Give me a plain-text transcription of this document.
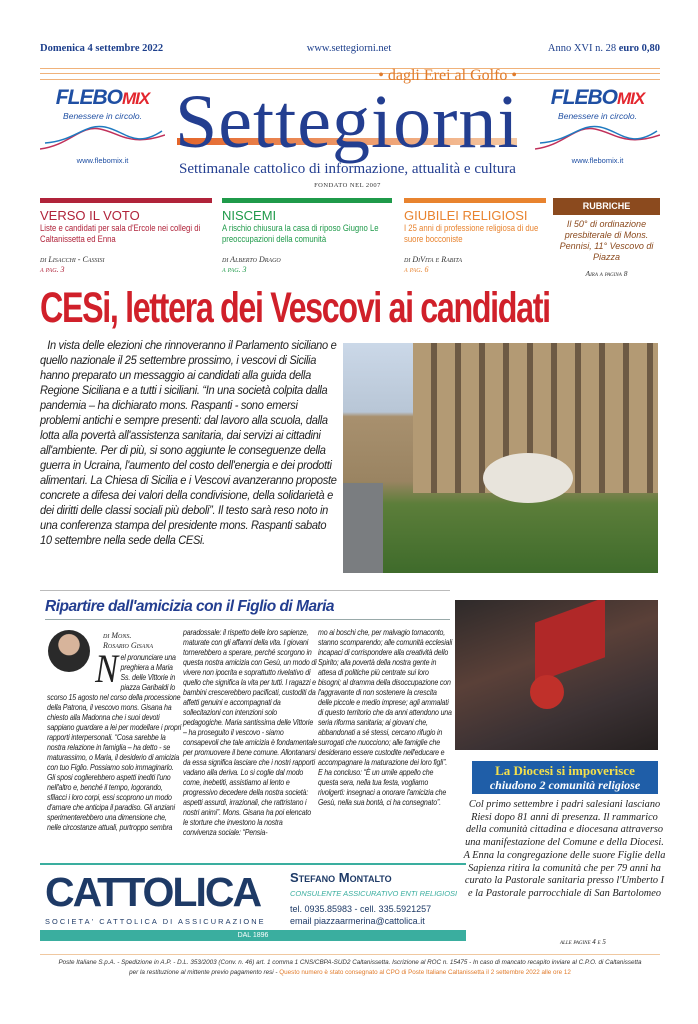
Domenica 4 settembre 2022	www.settegiorni.net	Anno XVI n. 28 euro 0,80
FLEBOMIX
Benessere in circolo.
www.flebomix.it
FLEBOMIX
Benessere in circolo.
www.flebomix.it
Settegiorni
• dagli Erei al Golfo •
Settimanale cattolico di informazione, attualità e cultura
FONDATO NEL 2007
VERSO IL VOTO

Liste e candidati per sala d'Ercole nei collegi di Caltanissetta ed Enna

di Lisacchi - Cassisi
a pag. 3
NISCEMI

A rischio chiusura la casa di riposo Giugno Le preoccupazioni della comunità

di Alberto Drago
a pag. 3
GIUBILEI RELIGIOSI

I 25 anni di professione religiosa di due suore bocconiste

di DiVita e Rabita
a pag. 6
RUBRICHE

Il 50° di ordinazione presbiterale di Mons. Pennisi, 11° Vescovo di Piazza

Aira a pagina 8
CESi, lettera dei Vescovi ai candidati
In vista delle elezioni che rinnoveranno il Parlamento siciliano e quello nazionale il 25 settembre prossimo, i vescovi di Sicilia hanno preparato un messaggio ai candidati alla guida della Regione Siciliana e a tutti i siciliani. “In una società colpita dalla pandemia – ha dichiarato mons. Raspanti - sono emersi problemi antichi e sempre presenti: dal lavoro alla scuola, dalla lotta alla povertà all'assistenza sanitaria, dai servizi ai cittadini all'ambiente. Per di più, si sono aggiunte le conseguenze della guerra in Ucraina, l'aumento del costo dell'energia e dei prodotti alimentari. La Chiesa di Sicilia e i Vescovi avanzeranno proposte concrete a difesa dei valori della condivisione, della solidarietà e dei diritti delle classi sociali più deboli”. Il testo sarà reso noto in una conferenza stampa del presidente mons. Raspanti sabato 10 settembre nella sede della CESi.
Ripartire dall'amicizia con il Figlio di Maria
di Mons.
Rosario Gisana
Nel pronunciare una preghiera a Maria Ss. delle Vittorie in piazza Garibaldi lo scorso 15 agosto nel corso della processione della Patrona, il vescovo mons. Gisana ha chiesto alla Madonna che i suoi devoti sappiano guardare a lei per modellare i propri rapporti interpersonali. “Cosa sarebbe la nostra relazione in famiglia – ha detto - se maturassimo, o Maria, il desiderio di amicizia con tuo Figlio. Possiamo solo immaginarlo. Gli sposi coglierebbero aspetti inediti l'uno nell'altro e, benché il tempo, logorando, sfilacci i loro corpi, essi scoprono un modo d'amare che anticipa il paradiso. Gli anziani sperimenterebbero una dimensione che, nelle circostanze attuali, purtroppo sembra
paradossale: il rispetto delle loro sapienze, maturate con gli affanni della vita. I giovani tornerebbero a sperare, perché scorgono in questa nostra amicizia con Gesù, un modo di vivere non ipocrita e soprattutto rivelativo di quello che significa la vita per tutti. I ragazzi e bambini crescerebbero pacificati, custoditi da affetti genuini e accompagnati da sollecitazioni con intenzioni solo pedagogiche. Maria santissima delle Vittorie – ha proseguito il vescovo - siamo consapevoli che tale amicizia è fondamentale per promuovere il bene comune. Allontanarsi da essa significa lasciare che i nostri rapporti vadano alla deriva. Lo si coglie dal modo come, inebetiti, assistiamo al lento e progressivo decedere della nostra società: aspetti assurdi, irrazionali, che rattristano i nostri animi”. Mons. Gisana ha poi elencato le storture che investono la nostra convivenza sociale: “Pensia-
mo ai boschi che, per malvagio tornaconto, stanno scomparendo; alle comunità ecclesiali incapaci di corrispondere alla creatività dello Spirito; alla povertà della nostra gente in attesa di politiche più centrate sui loro bisogni; al dramma della disoccupazione con l'aggravante di non sostenere la crescita delle piccole e medio imprese; agli ammalati di questo territorio che da anni attendono una seria riforma sanitaria; ai giovani che, abbandonati a sé stessi, cercano rifugio in surrogati che nuocciono; alle famiglie che desiderano essere custodite nell'educare e accompagnare la maturazione dei loro figli”. E ha concluso: “È un umile appello che questa sera, nella tua festa, vogliamo rivolgerti: insegnaci a onorare l'amicizia che Gesù, nella sua bontà, ci ha consegnato”.
La Diocesi si impoverisce
chiudono 2 comunità religiose
Col primo settembre i padri salesiani lasciano Riesi dopo 81 anni di presenza. Il rammarico della comunità cittadina e diocesana attraverso una manifestazione del Comune e della Diocesi.
A Enna la congregazione delle suore Figlie della Sapienza ritira la comunità che per 79 anni ha curato la Pastorale sanitaria presso l'Umberto I e la Pastorale parrocchiale di San Bartolomeo
alle pagine 4 e 5
CATTOLICA
SOCIETA' CATTOLICA DI ASSICURAZIONE
Stefano Montalto
CONSULENTE ASSICURATIVO ENTI RELIGIOSI
tel. 0935.85983 - cell. 335.5921257
email piazzaarmerina@cattolica.it
DAL 1896
Poste Italiane S.p.A. - Spedizione in A.P. - D.L. 353/2003 (Conv. n. 46) art. 1 comma 1 CNS/CBPA-SUD2 Caltanissetta. Iscrizione al ROC n. 15475 - In caso di mancato recapito inviare al C.P.O. di Caltanissetta
per la restituzione al mittente previo pagamento resi - Questo numero è stato consegnato al CPO di Poste Italiane Caltanissetta il 2 settembre 2022 alle ore 12
